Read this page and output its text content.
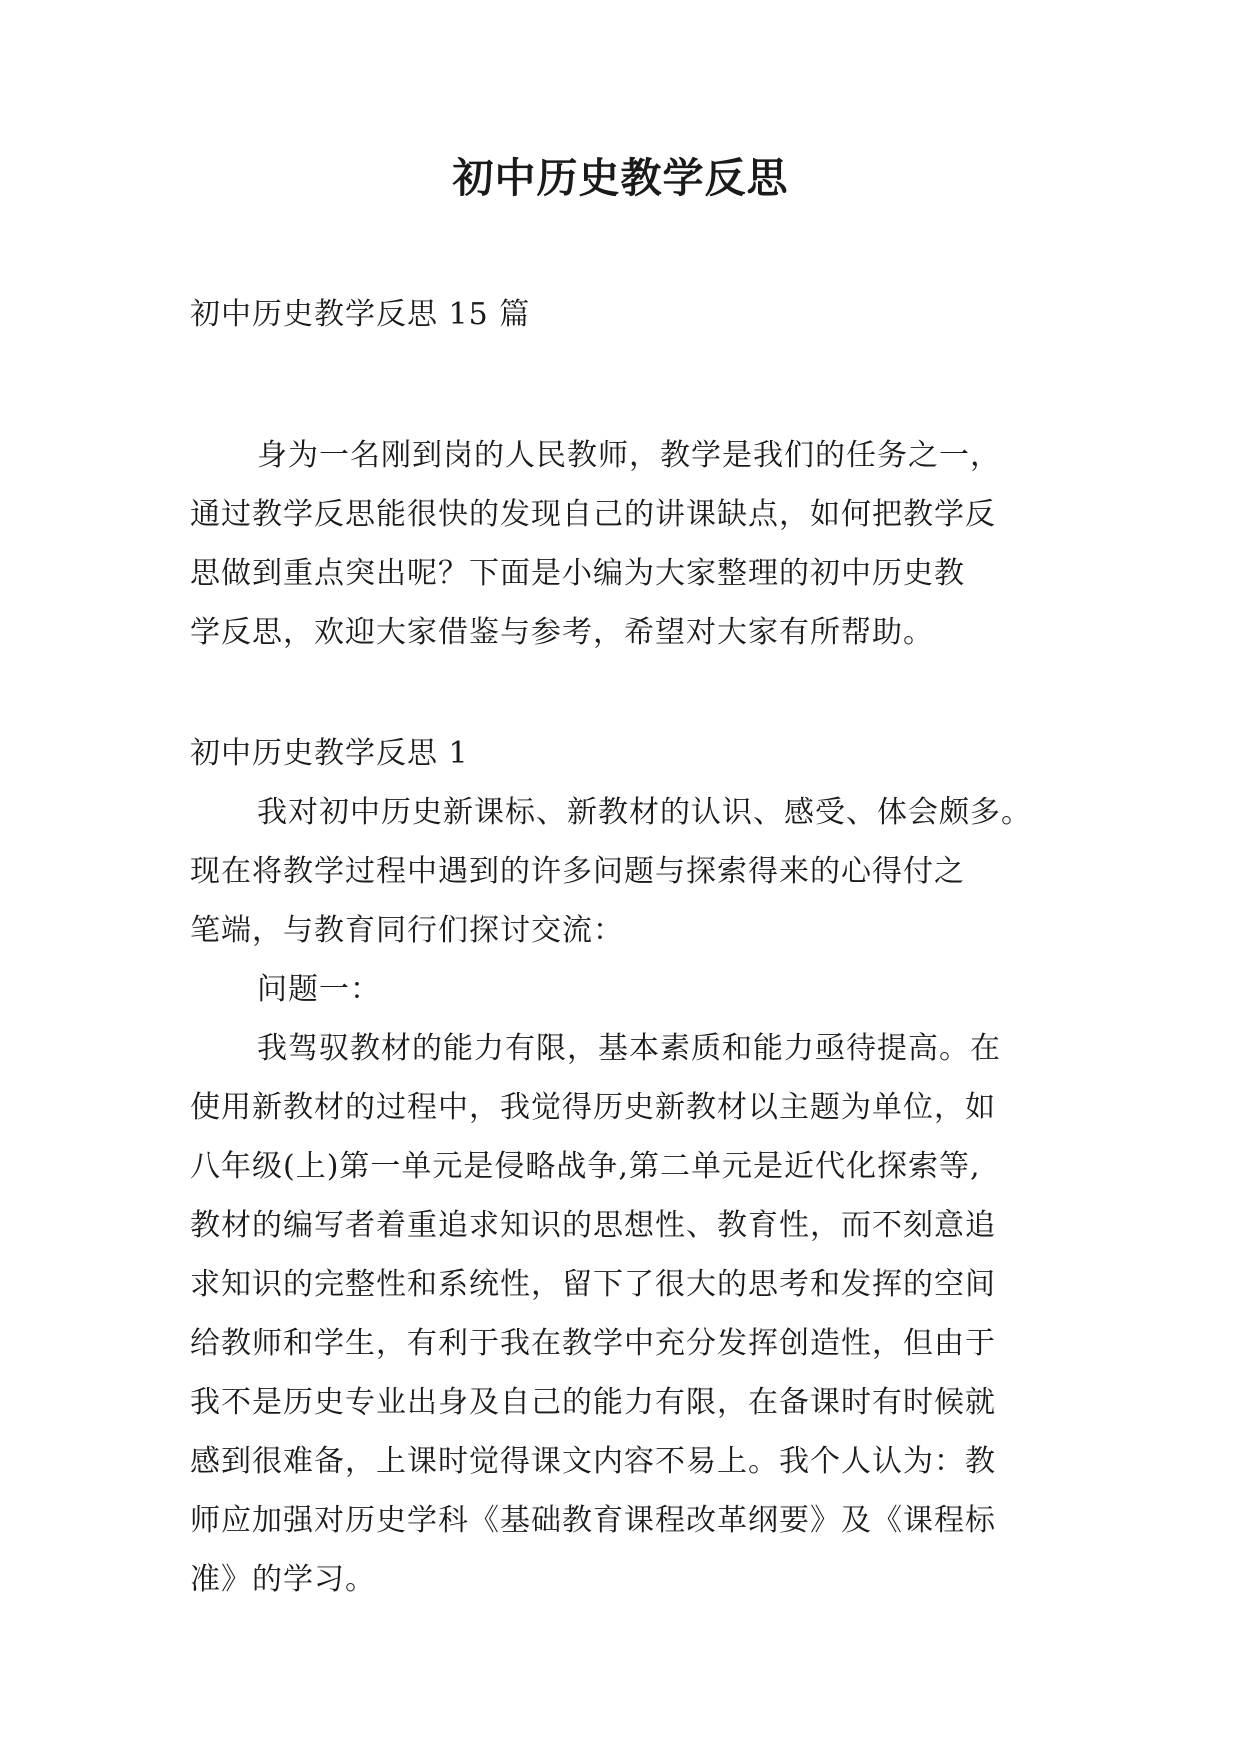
初中历史教学反思
初中历史教学反思 15 篇
身为一名刚到岗的人民教师，教学是我们的任务之一，
通过教学反思能很快的发现自己的讲课缺点，如何把教学反
思做到重点突出呢？下面是小编为大家整理的初中历史教
学反思，欢迎大家借鉴与参考，希望对大家有所帮助。
初中历史教学反思 1
我对初中历史新课标、新教材的认识、感受、体会颇多。
现在将教学过程中遇到的许多问题与探索得来的心得付之
笔端，与教育同行们探讨交流：
问题一：
我驾驭教材的能力有限，基本素质和能力亟待提高。在
使用新教材的过程中，我觉得历史新教材以主题为单位，如
八年级(上)第一单元是侵略战争,第二单元是近代化探索等,
教材的编写者着重追求知识的思想性、教育性，而不刻意追
求知识的完整性和系统性，留下了很大的思考和发挥的空间
给教师和学生，有利于我在教学中充分发挥创造性，但由于
我不是历史专业出身及自己的能力有限，在备课时有时候就
感到很难备，上课时觉得课文内容不易上。我个人认为：教
师应加强对历史学科《基础教育课程改革纲要》及《课程标
准》的学习。
